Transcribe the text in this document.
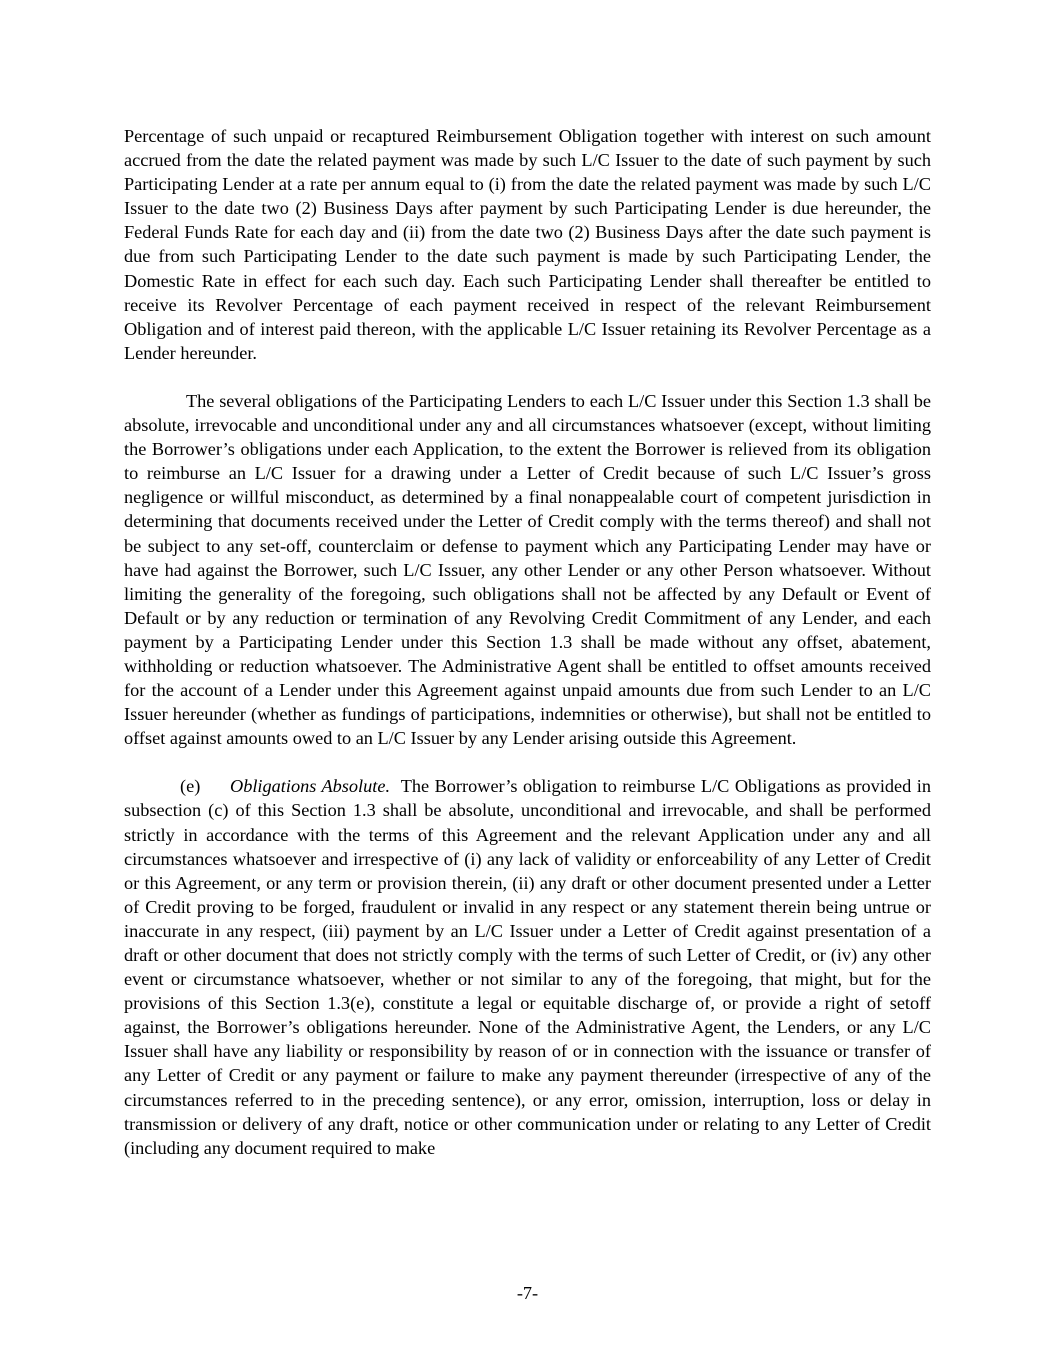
Percentage of such unpaid or recaptured Reimbursement Obligation together with interest on such amount accrued from the date the related payment was made by such L/C Issuer to the date of such payment by such Participating Lender at a rate per annum equal to (i) from the date the related payment was made by such L/C Issuer to the date two (2) Business Days after payment by such Participating Lender is due hereunder, the Federal Funds Rate for each day and (ii) from the date two (2) Business Days after the date such payment is due from such Participating Lender to the date such payment is made by such Participating Lender, the Domestic Rate in effect for each such day. Each such Participating Lender shall thereafter be entitled to receive its Revolver Percentage of each payment received in respect of the relevant Reimbursement Obligation and of interest paid thereon, with the applicable L/C Issuer retaining its Revolver Percentage as a Lender hereunder.

The several obligations of the Participating Lenders to each L/C Issuer under this Section 1.3 shall be absolute, irrevocable and unconditional under any and all circumstances whatsoever (except, without limiting the Borrower’s obligations under each Application, to the extent the Borrower is relieved from its obligation to reimburse an L/C Issuer for a drawing under a Letter of Credit because of such L/C Issuer’s gross negligence or willful misconduct, as determined by a final nonappealable court of competent jurisdiction in determining that documents received under the Letter of Credit comply with the terms thereof) and shall not be subject to any set-off, counterclaim or defense to payment which any Participating Lender may have or have had against the Borrower, such L/C Issuer, any other Lender or any other Person whatsoever. Without limiting the generality of the foregoing, such obligations shall not be affected by any Default or Event of Default or by any reduction or termination of any Revolving Credit Commitment of any Lender, and each payment by a Participating Lender under this Section 1.3 shall be made without any offset, abatement, withholding or reduction whatsoever. The Administrative Agent shall be entitled to offset amounts received for the account of a Lender under this Agreement against unpaid amounts due from such Lender to an L/C Issuer hereunder (whether as fundings of participations, indemnities or otherwise), but shall not be entitled to offset against amounts owed to an L/C Issuer by any Lender arising outside this Agreement.

(e) Obligations Absolute. The Borrower’s obligation to reimburse L/C Obligations as provided in subsection (c) of this Section 1.3 shall be absolute, unconditional and irrevocable, and shall be performed strictly in accordance with the terms of this Agreement and the relevant Application under any and all circumstances whatsoever and irrespective of (i) any lack of validity or enforceability of any Letter of Credit or this Agreement, or any term or provision therein, (ii) any draft or other document presented under a Letter of Credit proving to be forged, fraudulent or invalid in any respect or any statement therein being untrue or inaccurate in any respect, (iii) payment by an L/C Issuer under a Letter of Credit against presentation of a draft or other document that does not strictly comply with the terms of such Letter of Credit, or (iv) any other event or circumstance whatsoever, whether or not similar to any of the foregoing, that might, but for the provisions of this Section 1.3(e), constitute a legal or equitable discharge of, or provide a right of setoff against, the Borrower’s obligations hereunder. None of the Administrative Agent, the Lenders, or any L/C Issuer shall have any liability or responsibility by reason of or in connection with the issuance or transfer of any Letter of Credit or any payment or failure to make any payment thereunder (irrespective of any of the circumstances referred to in the preceding sentence), or any error, omission, interruption, loss or delay in transmission or delivery of any draft, notice or other communication under or relating to any Letter of Credit (including any document required to make

-7-
